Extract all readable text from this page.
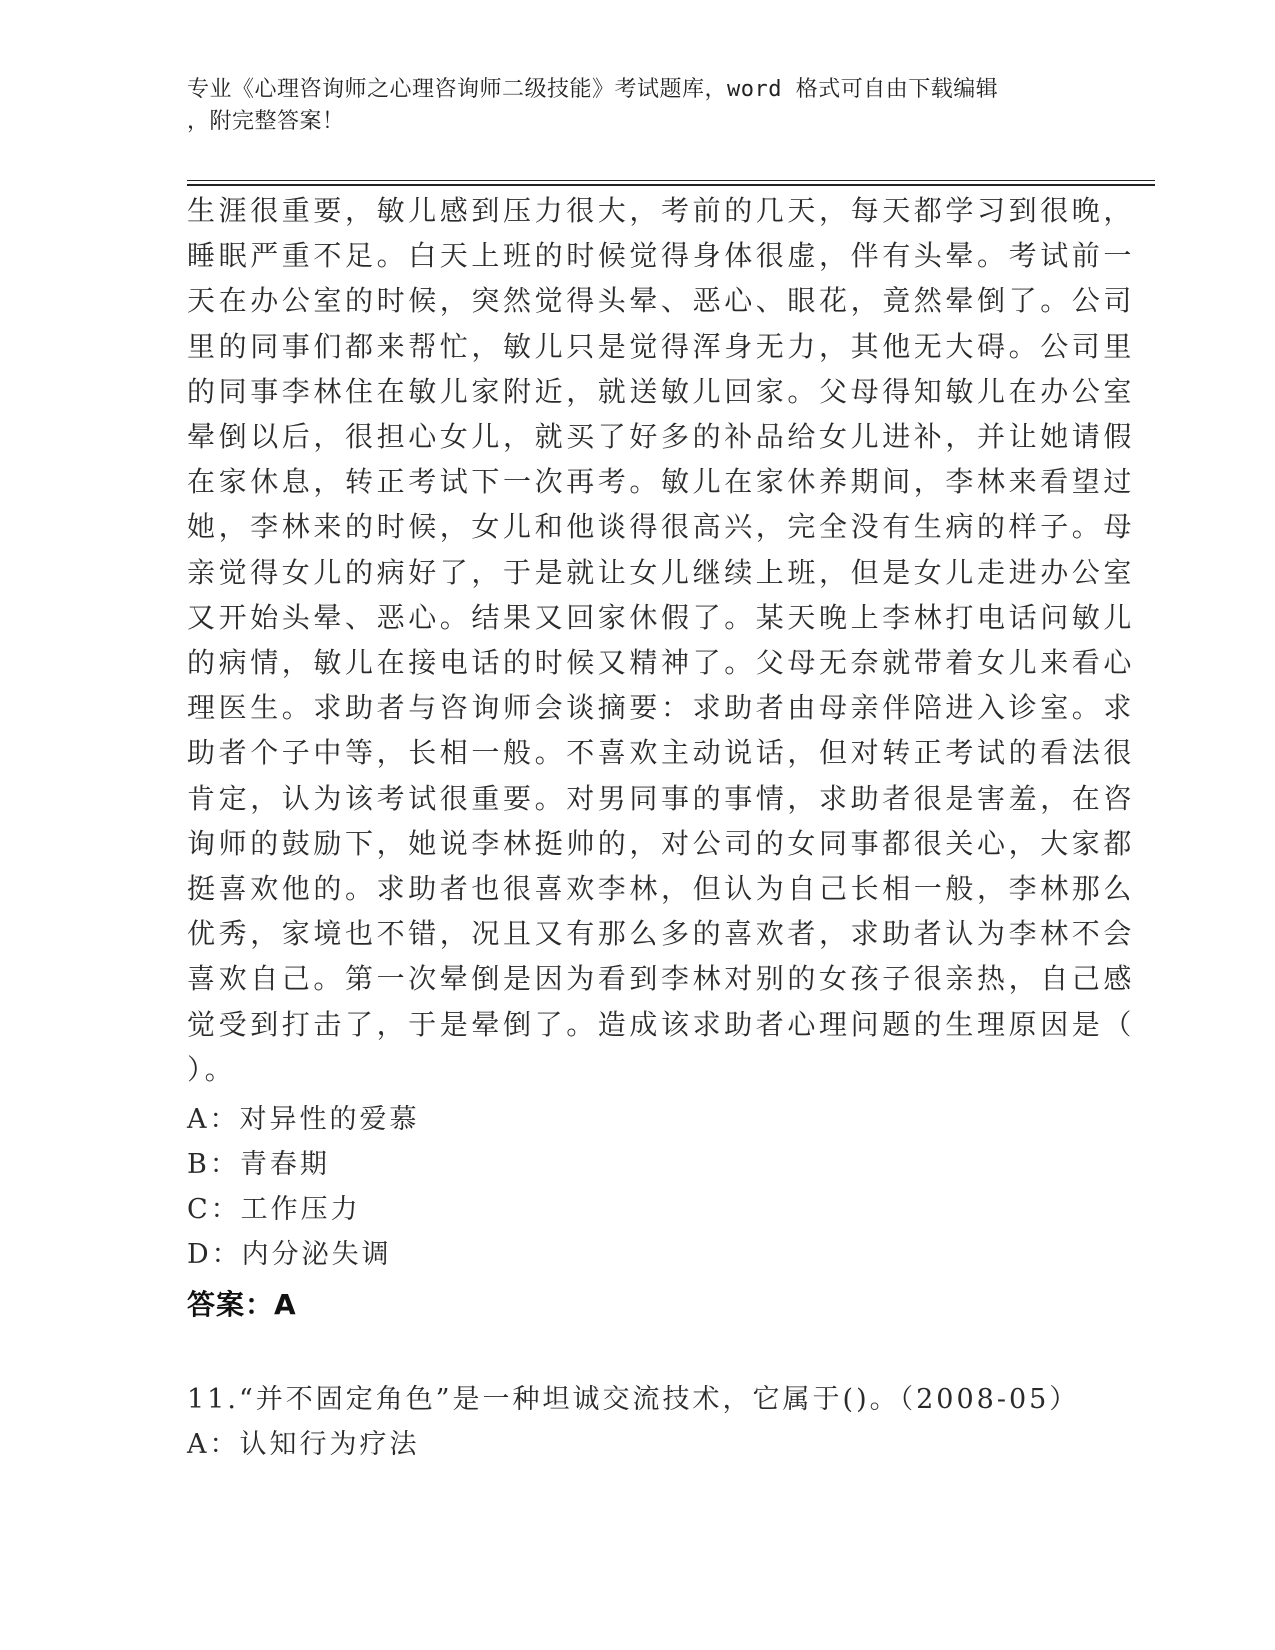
专业《心理咨询师之心理咨询师二级技能》考试题库，word 格式可自由下载编辑
，附完整答案！
生涯很重要，敏儿感到压力很大，考前的几天，每天都学习到很晚，
睡眠严重不足。白天上班的时候觉得身体很虚，伴有头晕。考试前一
天在办公室的时候，突然觉得头晕、恶心、眼花，竟然晕倒了。公司
里的同事们都来帮忙，敏儿只是觉得浑身无力，其他无大碍。公司里
的同事李林住在敏儿家附近，就送敏儿回家。父母得知敏儿在办公室
晕倒以后，很担心女儿，就买了好多的补品给女儿进补，并让她请假
在家休息，转正考试下一次再考。敏儿在家休养期间，李林来看望过
她，李林来的时候，女儿和他谈得很高兴，完全没有生病的样子。母
亲觉得女儿的病好了，于是就让女儿继续上班，但是女儿走进办公室
又开始头晕、恶心。结果又回家休假了。某天晚上李林打电话问敏儿
的病情，敏儿在接电话的时候又精神了。父母无奈就带着女儿来看心
理医生。求助者与咨询师会谈摘要：求助者由母亲伴陪进入诊室。求
助者个子中等，长相一般。不喜欢主动说话，但对转正考试的看法很
肯定，认为该考试很重要。对男同事的事情，求助者很是害羞，在咨
询师的鼓励下，她说李林挺帅的，对公司的女同事都很关心，大家都
挺喜欢他的。求助者也很喜欢李林，但认为自己长相一般，李林那么
优秀，家境也不错，况且又有那么多的喜欢者，求助者认为李林不会
喜欢自己。第一次晕倒是因为看到李林对别的女孩子很亲热，自己感
觉受到打击了，于是晕倒了。造成该求助者心理问题的生理原因是（
）。
A：对异性的爱慕
B：青春期
C：工作压力
D：内分泌失调
答案：A
11.“并不固定角色”是一种坦诚交流技术，它属于()。（2008-05）
A：认知行为疗法
